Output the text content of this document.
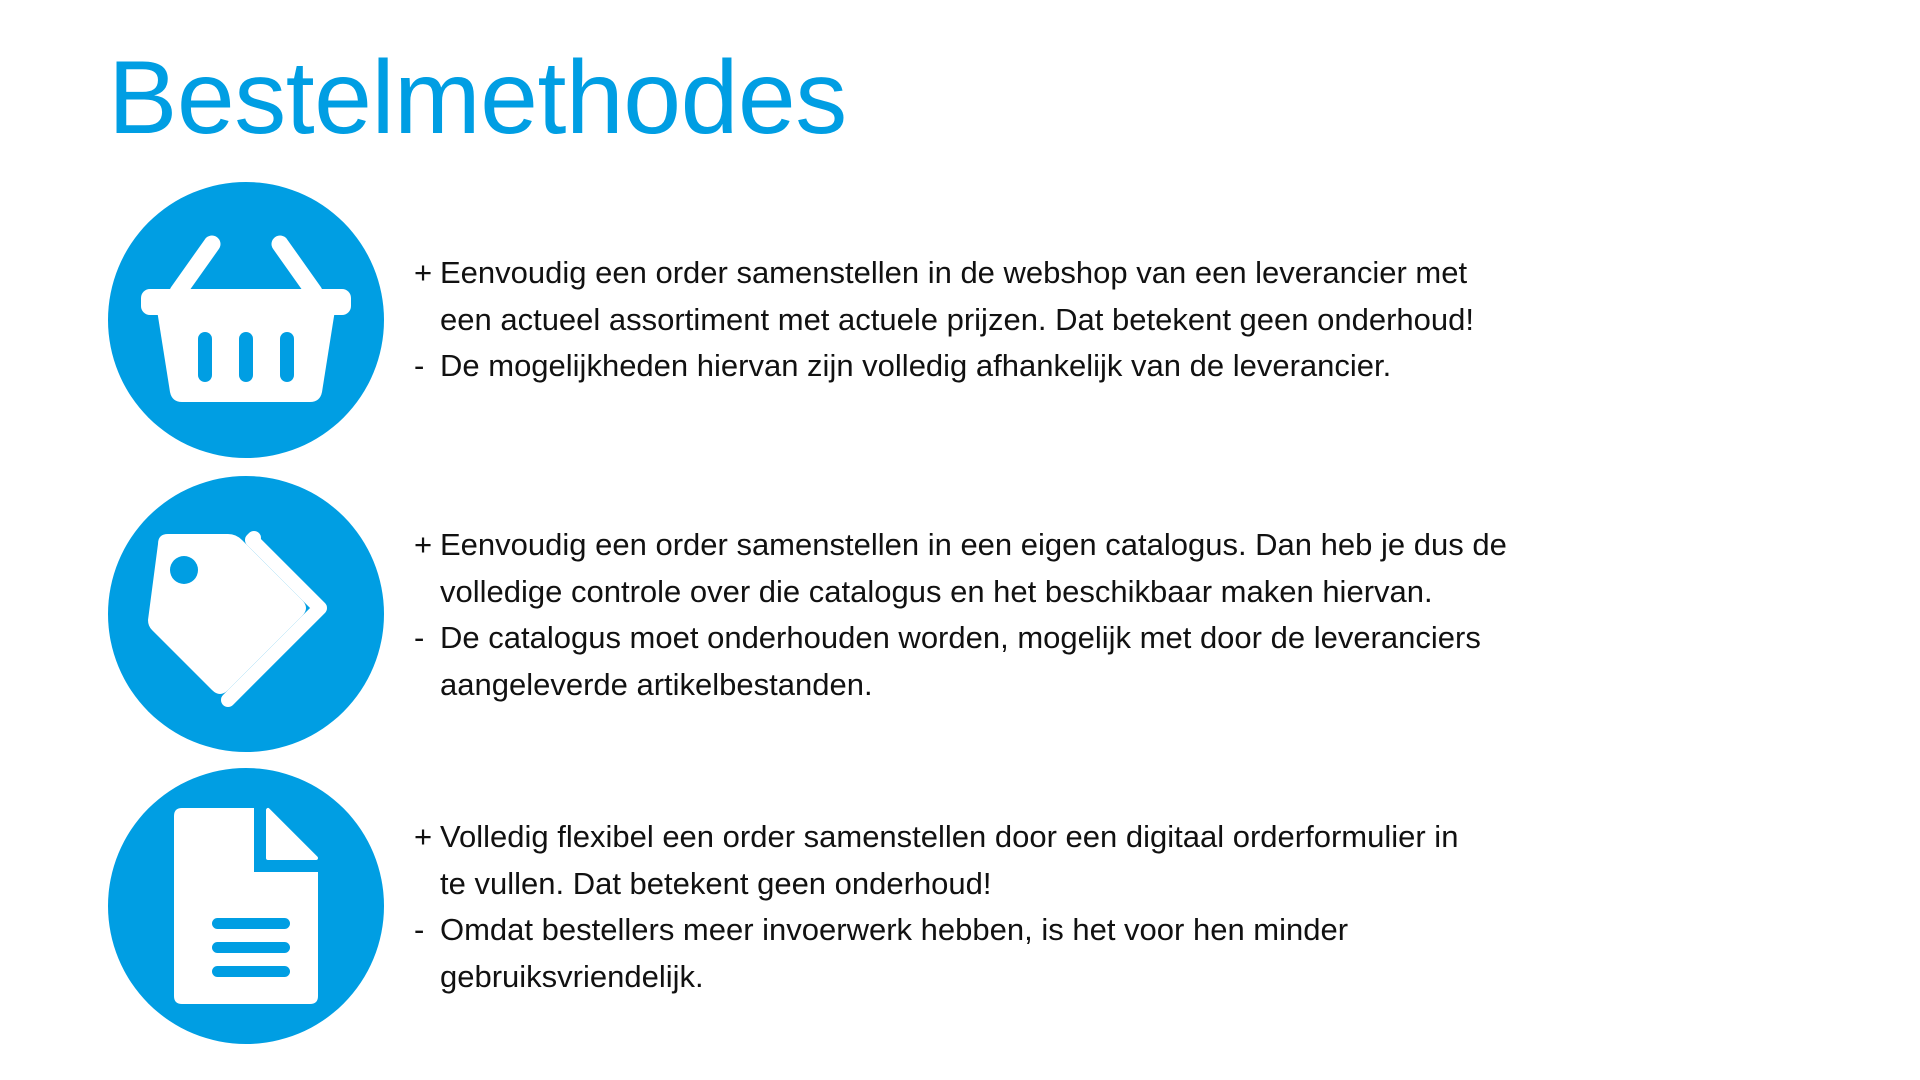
Bestelmethodes
+ Eenvoudig een order samenstellen in de webshop van een leverancier met
een actueel assortiment met actuele prijzen. Dat betekent geen onderhoud!
- De mogelijkheden hiervan zijn volledig afhankelijk van de leverancier.
+ Eenvoudig een order samenstellen in een eigen catalogus. Dan heb je dus de
volledige controle over die catalogus en het beschikbaar maken hiervan.
- De catalogus moet onderhouden worden, mogelijk met door de leveranciers
aangeleverde artikelbestanden.
+ Volledig flexibel een order samenstellen door een digitaal orderformulier in
te vullen. Dat betekent geen onderhoud!
- Omdat bestellers meer invoerwerk hebben, is het voor hen minder
gebruiksvriendelijk.
